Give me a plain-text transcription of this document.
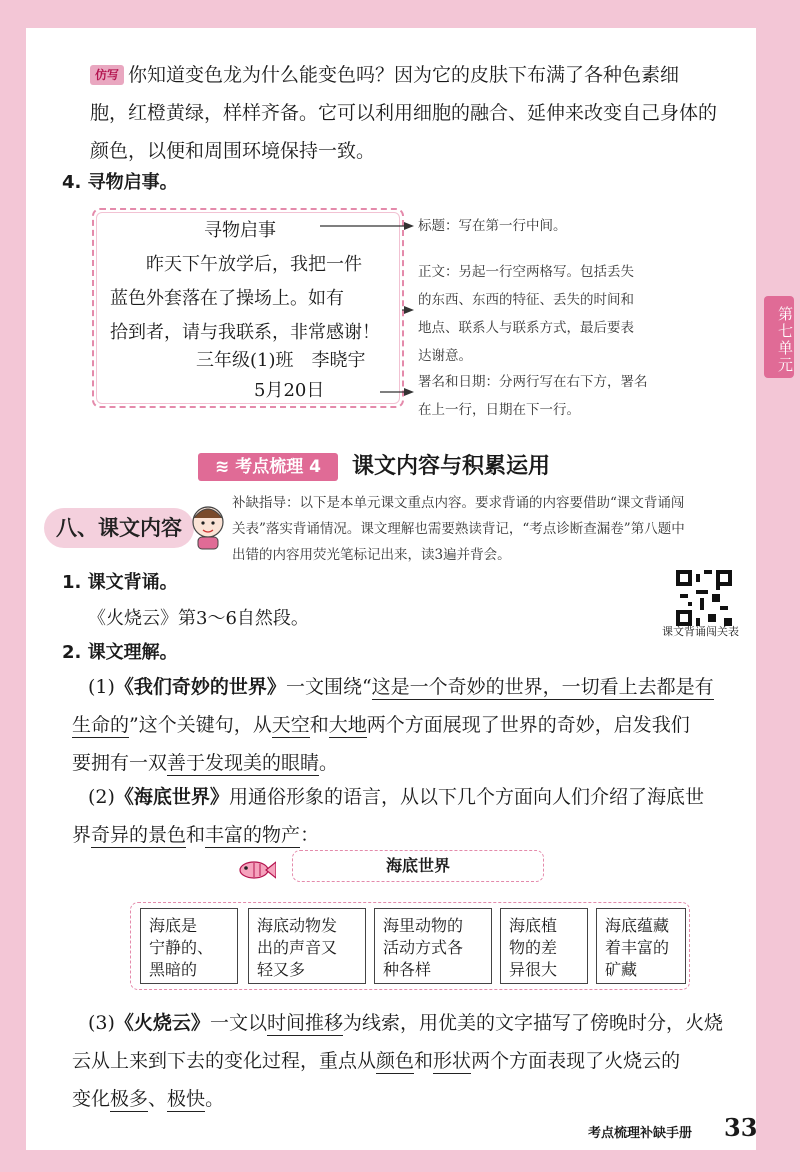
第七单元
仿写 你知道变色龙为什么能变色吗？因为它的皮肤下布满了各种色素细
胞，红橙黄绿，样样齐备。它可以利用细胞的融合、延伸来改变自己身体的
颜色，以便和周围环境保持一致。
4. 寻物启事。
寻物启事
昨天下午放学后，我把一件
蓝色外套落在了操场上。如有
拾到者，请与我联系，非常感谢！
三年级(1)班　李晓宇
5月20日
标题：写在第一行中间。
正文：另起一行空两格写。包括丢失
的东西、东西的特征、丢失的时间和
地点、联系人与联系方式，最后要表
达谢意。
署名和日期：分两行写在右下方，署名
在上一行，日期在下一行。
≋ 考点梳理 4	课文内容与积累运用
八、课文内容
补缺指导：以下是本单元课文重点内容。要求背诵的内容要借助“课文背诵闯
关表”落实背诵情况。课文理解也需要熟读背记，“考点诊断查漏卷”第八题中
出错的内容用荧光笔标记出来，读3遍并背会。
1. 课文背诵。
《火烧云》第3～6自然段。
课文背诵闯关表
2. 课文理解。
(1)《我们奇妙的世界》一文围绕“这是一个奇妙的世界，一切看上去都是有
生命的”这个关键句，从天空和大地两个方面展现了世界的奇妙，启发我们
要拥有一双善于发现美的眼睛。
(2)《海底世界》用通俗形象的语言，从以下几个方面向人们介绍了海底世
界奇异的景色和丰富的物产：
海底世界
海底是
宁静的、
黑暗的
海底动物发
出的声音又
轻又多
海里动物的
活动方式各
种各样
海底植
物的差
异很大
海底蕴藏
着丰富的
矿藏
(3)《火烧云》一文以时间推移为线索，用优美的文字描写了傍晚时分，火烧
云从上来到下去的变化过程，重点从颜色和形状两个方面表现了火烧云的
变化极多、极快。
考点梳理补缺手册 33
